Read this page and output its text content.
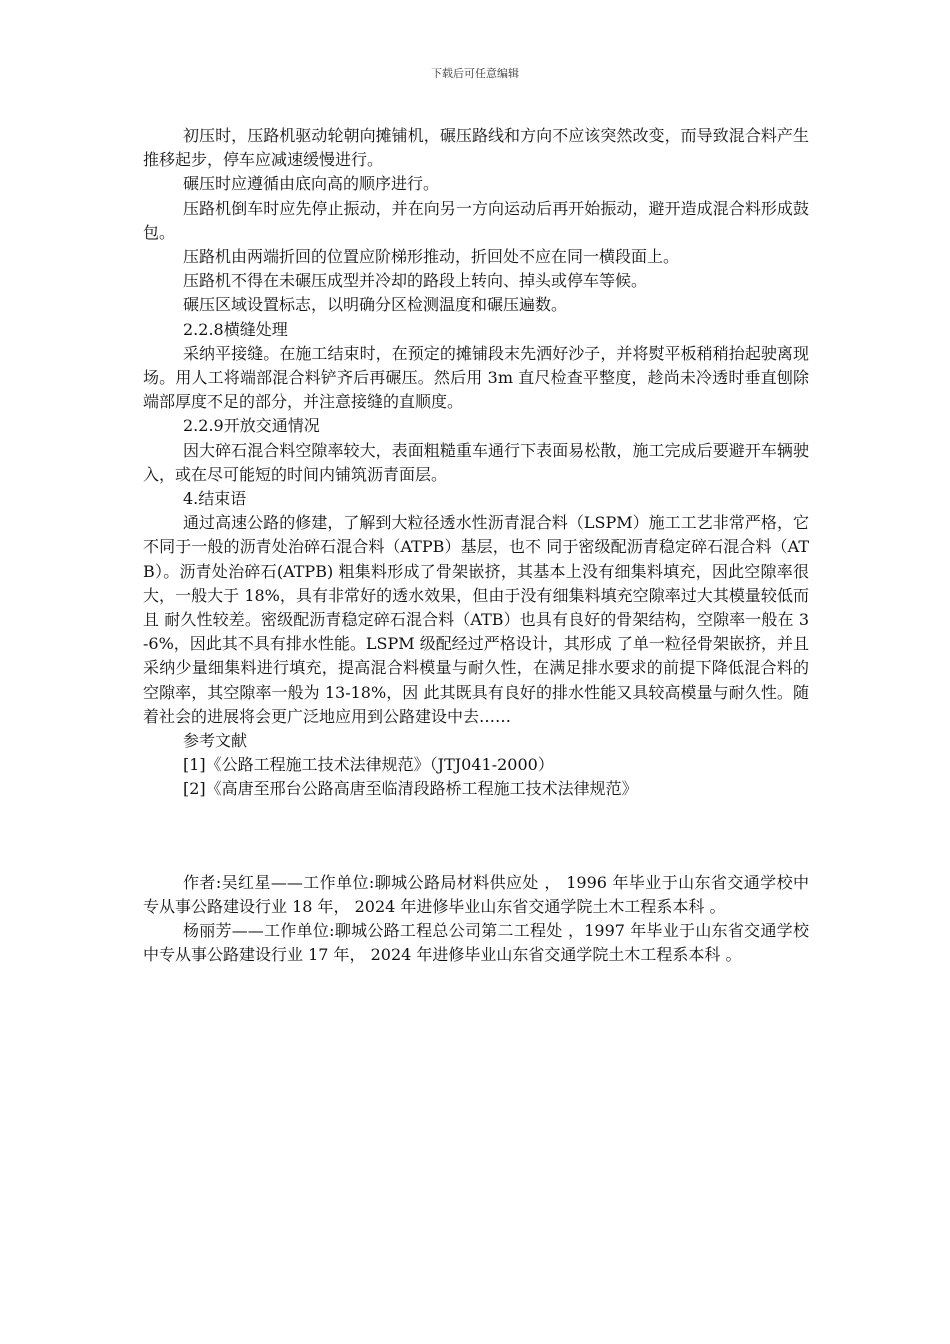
下载后可任意编辑

初压时，压路机驱动轮朝向摊铺机，碾压路线和方向不应该突然改变，而导致混合料产生推移起步，停车应减速缓慢进行。

碾压时应遵循由底向高的顺序进行。

压路机倒车时应先停止振动，并在向另一方向运动后再开始振动，避开造成混合料形成鼓包。

压路机由两端折回的位置应阶梯形推动，折回处不应在同一横段面上。

压路机不得在未碾压成型并冷却的路段上转向、掉头或停车等候。

碾压区域设置标志，以明确分区检测温度和碾压遍数。

2.2.8横缝处理

采纳平接缝。在施工结束时，在预定的摊铺段末先洒好沙子，并将熨平板稍稍抬起驶离现场。用人工将端部混合料铲齐后再碾压。然后用 3m 直尺检查平整度，趁尚未冷透时垂直刨除端部厚度不足的部分，并注意接缝的直顺度。

2.2.9开放交通情况

因大碎石混合料空隙率较大，表面粗糙重车通行下表面易松散，施工完成后要避开车辆驶入，或在尽可能短的时间内铺筑沥青面层。

4.结束语

通过高速公路的修建，了解到大粒径透水性沥青混合料（LSPM）施工工艺非常严格，它不同于一般的沥青处治碎石混合料（ATPB）基层，也不 同于密级配沥青稳定碎石混合料（ATB）。沥青处治碎石(ATPB) 粗集料形成了骨架嵌挤，其基本上没有细集料填充，因此空隙率很大，一般大于 18%，具有非常好的透水效果，但由于没有细集料填充空隙率过大其模量较低而且 耐久性较差。密级配沥青稳定碎石混合料（ATB）也具有良好的骨架结构，空隙率一般在 3-6%，因此其不具有排水性能。LSPM 级配经过严格设计，其形成 了单一粒径骨架嵌挤，并且采纳少量细集料进行填充，提高混合料模量与耐久性，在满足排水要求的前提下降低混合料的空隙率，其空隙率一般为 13-18%，因 此其既具有良好的排水性能又具较高模量与耐久性。随着社会的进展将会更广泛地应用到公路建设中去……

参考文献

[1]《公路工程施工技术法律规范》（JTJ041-2000）

[2]《高唐至邢台公路高唐至临清段路桥工程施工技术法律规范》

作者:吴红星——工作单位:聊城公路局材料供应处 ， 1996 年毕业于山东省交通学校中专从事公路建设行业 18 年， 2024 年进修毕业山东省交通学院土木工程系本科 。

杨丽芳——工作单位:聊城公路工程总公司第二工程处 ，1997 年毕业于山东省交通学校中专从事公路建设行业 17 年， 2024 年进修毕业山东省交通学院土木工程系本科 。
